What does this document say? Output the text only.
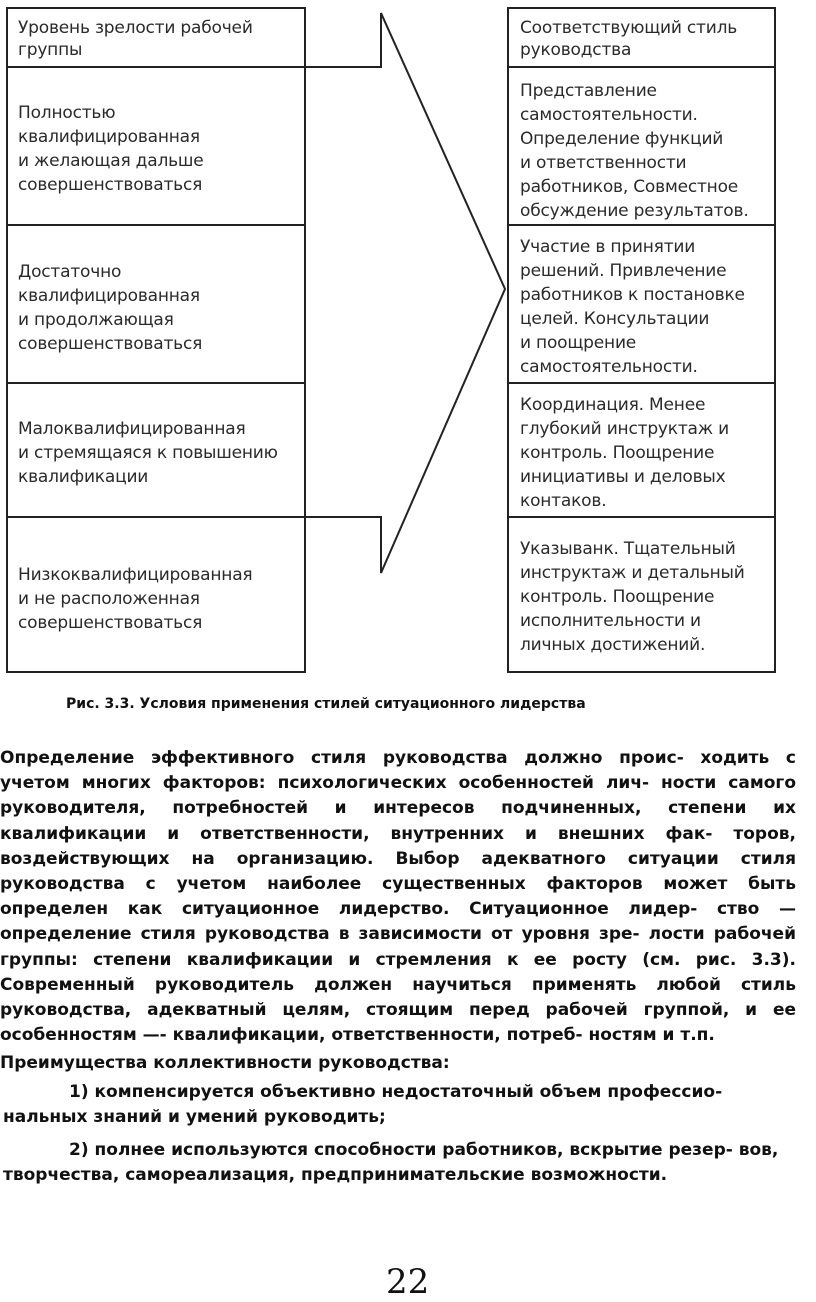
Уровень зрелости рабочей
группы
Соответствующий стиль
руководства
Полностью
квалифицированная
и желающая дальше
совершенствоваться
Достаточно
квалифицированная
и продолжающая
совершенствоваться
Малоквалифицированная
и стремящаяся к повышению
квалификации
Низкоквалифицированная
и не расположенная
совершенствоваться
Представление
самостоятельности.
Определение функций
и ответственности
работников, Совместное
обсуждение результатов.
Участие в принятии
решений. Привлечение
работников к постановке
целей. Консультации
и поощрение
самостоятельности.
Координация. Менее
глубокий инструктаж и
контроль. Поощрение
инициативы и деловых
контаков.
Указыванк. Тщательный
инструктаж и детальный
контроль. Поощрение
исполнительности и
личных достижений.
Рис. 3.3. Условия применения стилей ситуационного лидерства

Определение эффективного стиля руководства должно проис- ходить с учетом многих факторов: психологических особенностей лич- ности самого руководителя, потребностей и интересов подчиненных, степени их квалификации и ответственности, внутренних и внешних фак- торов, воздействующих на организацию. Выбор адекватного ситуации стиля руководства с учетом наиболее существенных факторов может быть определен как ситуационное лидерство. Ситуационное лидер- ство — определение стиля руководства в зависимости от уровня зре- лости рабочей группы: степени квалификации и стремления к ее росту (см. рис. 3.3). Современный руководитель должен научиться применять любой стиль руководства, адекватный целям, стоящим перед рабочей группой, и ее особенностям —- квалификации, ответственности, потреб- ностям и т.п.

Преимущества коллективности руководства:

1) компенсируется объективно недостаточный объем профессио- нальных знаний и умений руководить;

2) полнее используются способности работников, вскрытие резер- вов, творчества, самореализация, предпринимательские возможности.

22
